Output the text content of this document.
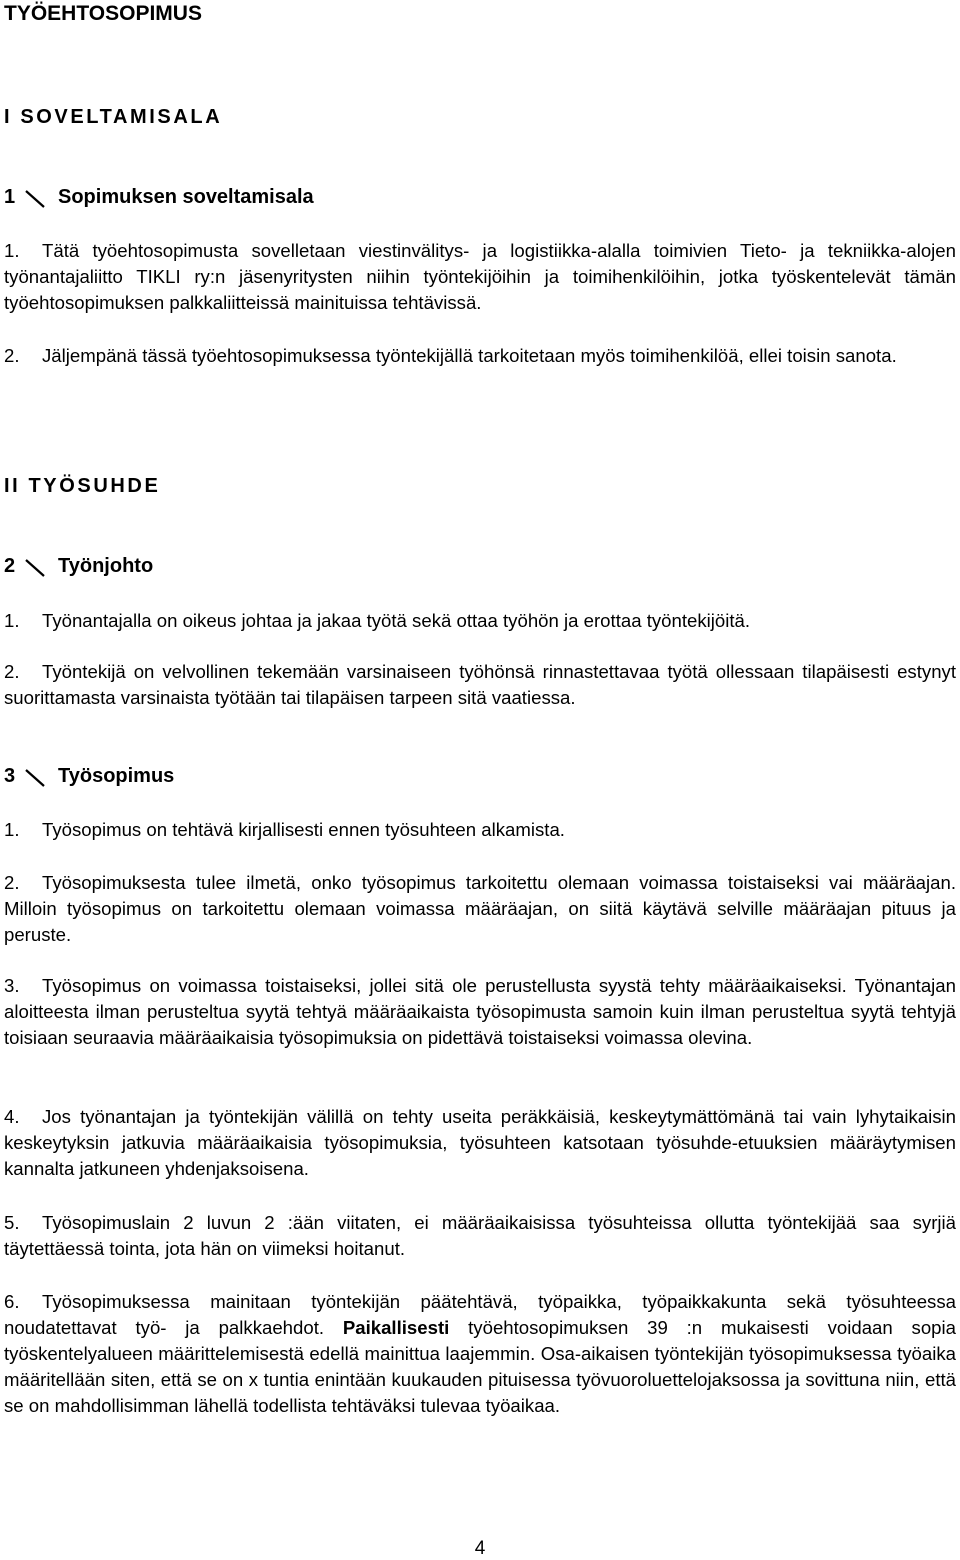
TYÖEHTOSOPIMUS
I SOVELTAMISALA
1	Sopimuksen soveltamisala

1. Tätä työehtosopimusta sovelletaan viestinvälitys- ja logistiikka-alalla toimivien Tieto- ja tekniikka-alojen työnantajaliitto TIKLI ry:n jäsenyritysten niihin työntekijöihin ja toimihenkilöihin, jotka työskentelevät tämän työehtosopimuksen palkkaliitteissä mainituissa tehtävissä.

2. Jäljempänä tässä työehtosopimuksessa työntekijällä tarkoitetaan myös toimihenkilöä, ellei toisin sanota.

II TYÖSUHDE
2	Työnjohto

1. Työnantajalla on oikeus johtaa ja jakaa työtä sekä ottaa työhön ja erottaa työntekijöitä.

2. Työntekijä on velvollinen tekemään varsinaiseen työhönsä rinnastettavaa työtä ollessaan tilapäisesti estynyt suorittamasta varsinaista työtään tai tilapäisen tarpeen sitä vaatiessa.

3	Työsopimus

1. Työsopimus on tehtävä kirjallisesti ennen työsuhteen alkamista.

2. Työsopimuksesta tulee ilmetä, onko työsopimus tarkoitettu olemaan voimassa toistaiseksi vai määräajan. Milloin työsopimus on tarkoitettu olemaan voimassa määräajan, on siitä käytävä selville määräajan pituus ja peruste.

3. Työsopimus on voimassa toistaiseksi, jollei sitä ole perustellusta syystä tehty määräaikaiseksi. Työnantajan aloitteesta ilman perusteltua syytä tehtyä määräaikaista työsopimusta samoin kuin ilman perusteltua syytä tehtyjä toisiaan seuraavia määräaikaisia työsopimuksia on pidettävä toistaiseksi voimassa olevina.

4. Jos työnantajan ja työntekijän välillä on tehty useita peräkkäisiä, keskeytymättömänä tai vain lyhytaikaisin keskeytyksin jatkuvia määräaikaisia työsopimuksia, työsuhteen katsotaan työsuhde-etuuksien määräytymisen kannalta jatkuneen yhdenjaksoisena.

5. Työsopimuslain 2 luvun 2 :ään viitaten, ei määräaikaisissa työsuhteissa ollutta työntekijää saa syrjiä täytettäessä tointa, jota hän on viimeksi hoitanut.

6. Työsopimuksessa mainitaan työntekijän päätehtävä, työpaikka, työpaikkakunta sekä työsuhteessa noudatettavat työ- ja palkkaehdot. Paikallisesti työehtosopimuksen 39 :n mukaisesti voidaan sopia työskentelyalueen määrittelemisestä edellä mainittua laajemmin. Osa-aikaisen työntekijän työsopimuksessa työaika määritellään siten, että se on x tuntia enintään kuukauden pituisessa työvuoroluettelojaksossa ja sovittuna niin, että se on mahdollisimman lähellä todellista tehtäväksi tulevaa työaikaa.

4
